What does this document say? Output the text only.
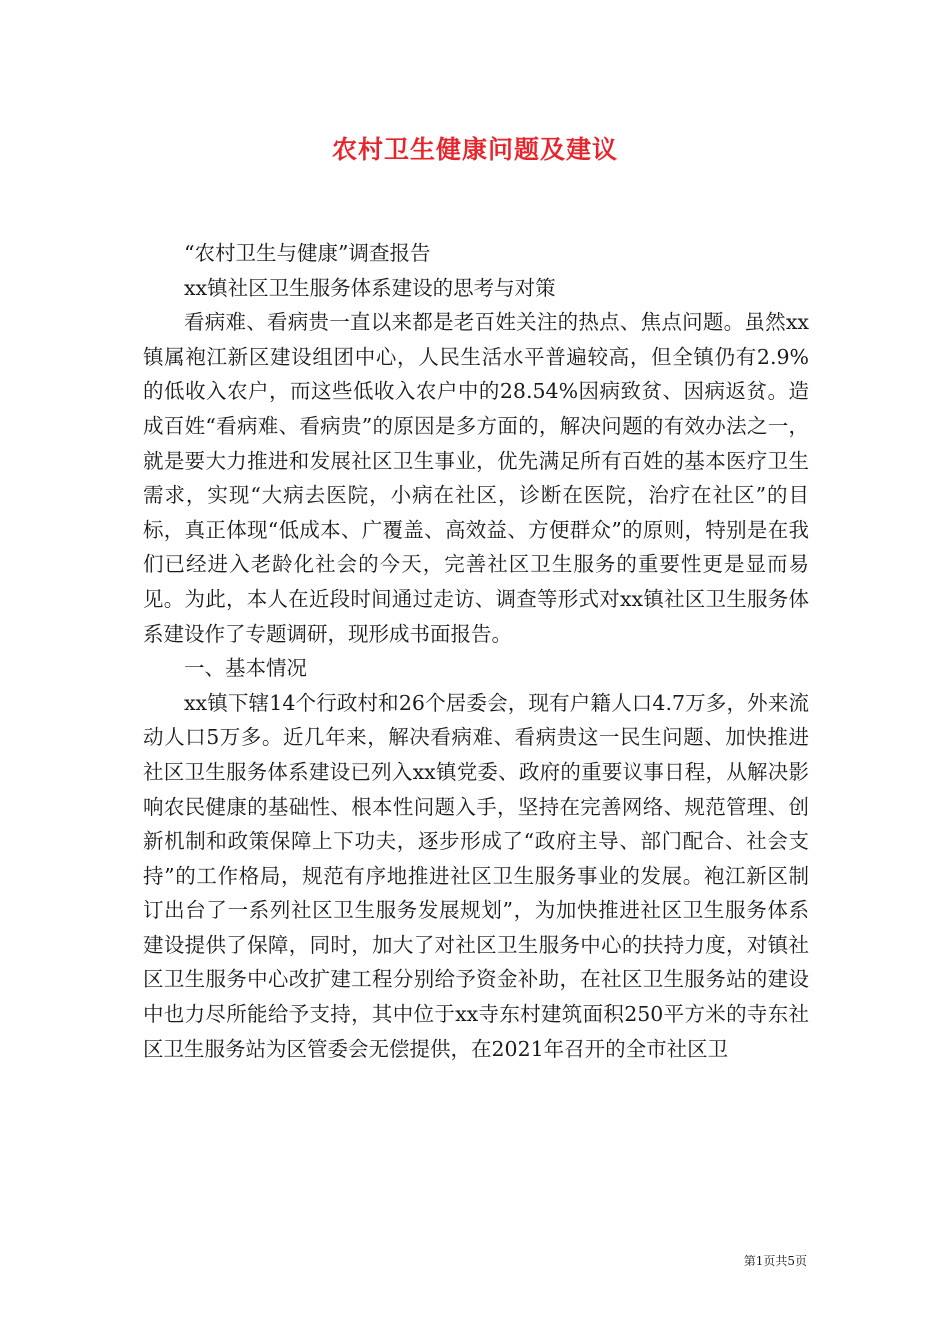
农村卫生健康问题及建议

“农村卫生与健康”调查报告

xx镇社区卫生服务体系建设的思考与对策

看病难、看病贵一直以来都是老百姓关注的热点、焦点问题。虽然xx镇属袍江新区建设组团中心，人民生活水平普遍较高，但全镇仍有2.9%的低收入农户，而这些低收入农户中的28.54%因病致贫、因病返贫。造成百姓“看病难、看病贵”的原因是多方面的，解决问题的有效办法之一，就是要大力推进和发展社区卫生事业，优先满足所有百姓的基本医疗卫生需求，实现“大病去医院，小病在社区，诊断在医院，治疗在社区”的目标，真正体现“低成本、广覆盖、高效益、方便群众”的原则，特别是在我们已经进入老龄化社会的今天，完善社区卫生服务的重要性更是显而易见。为此，本人在近段时间通过走访、调查等形式对xx镇社区卫生服务体系建设作了专题调研，现形成书面报告。

一、基本情况

xx镇下辖14个行政村和26个居委会，现有户籍人口4.7万多，外来流动人口5万多。近几年来，解决看病难、看病贵这一民生问题、加快推进社区卫生服务体系建设已列入xx镇党委、政府的重要议事日程，从解决影响农民健康的基础性、根本性问题入手，坚持在完善网络、规范管理、创新机制和政策保障上下功夫，逐步形成了“政府主导、部门配合、社会支持”的工作格局，规范有序地推进社区卫生服务事业的发展。袍江新区制订出台了一系列社区卫生服务发展规划”，为加快推进社区卫生服务体系建设提供了保障，同时，加大了对社区卫生服务中心的扶持力度，对镇社区卫生服务中心改扩建工程分别给予资金补助，在社区卫生服务站的建设中也力尽所能给予支持，其中位于xx寺东村建筑面积250平方米的寺东社区卫生服务站为区管委会无偿提供，在2021年召开的全市社区卫

第1页共5页
